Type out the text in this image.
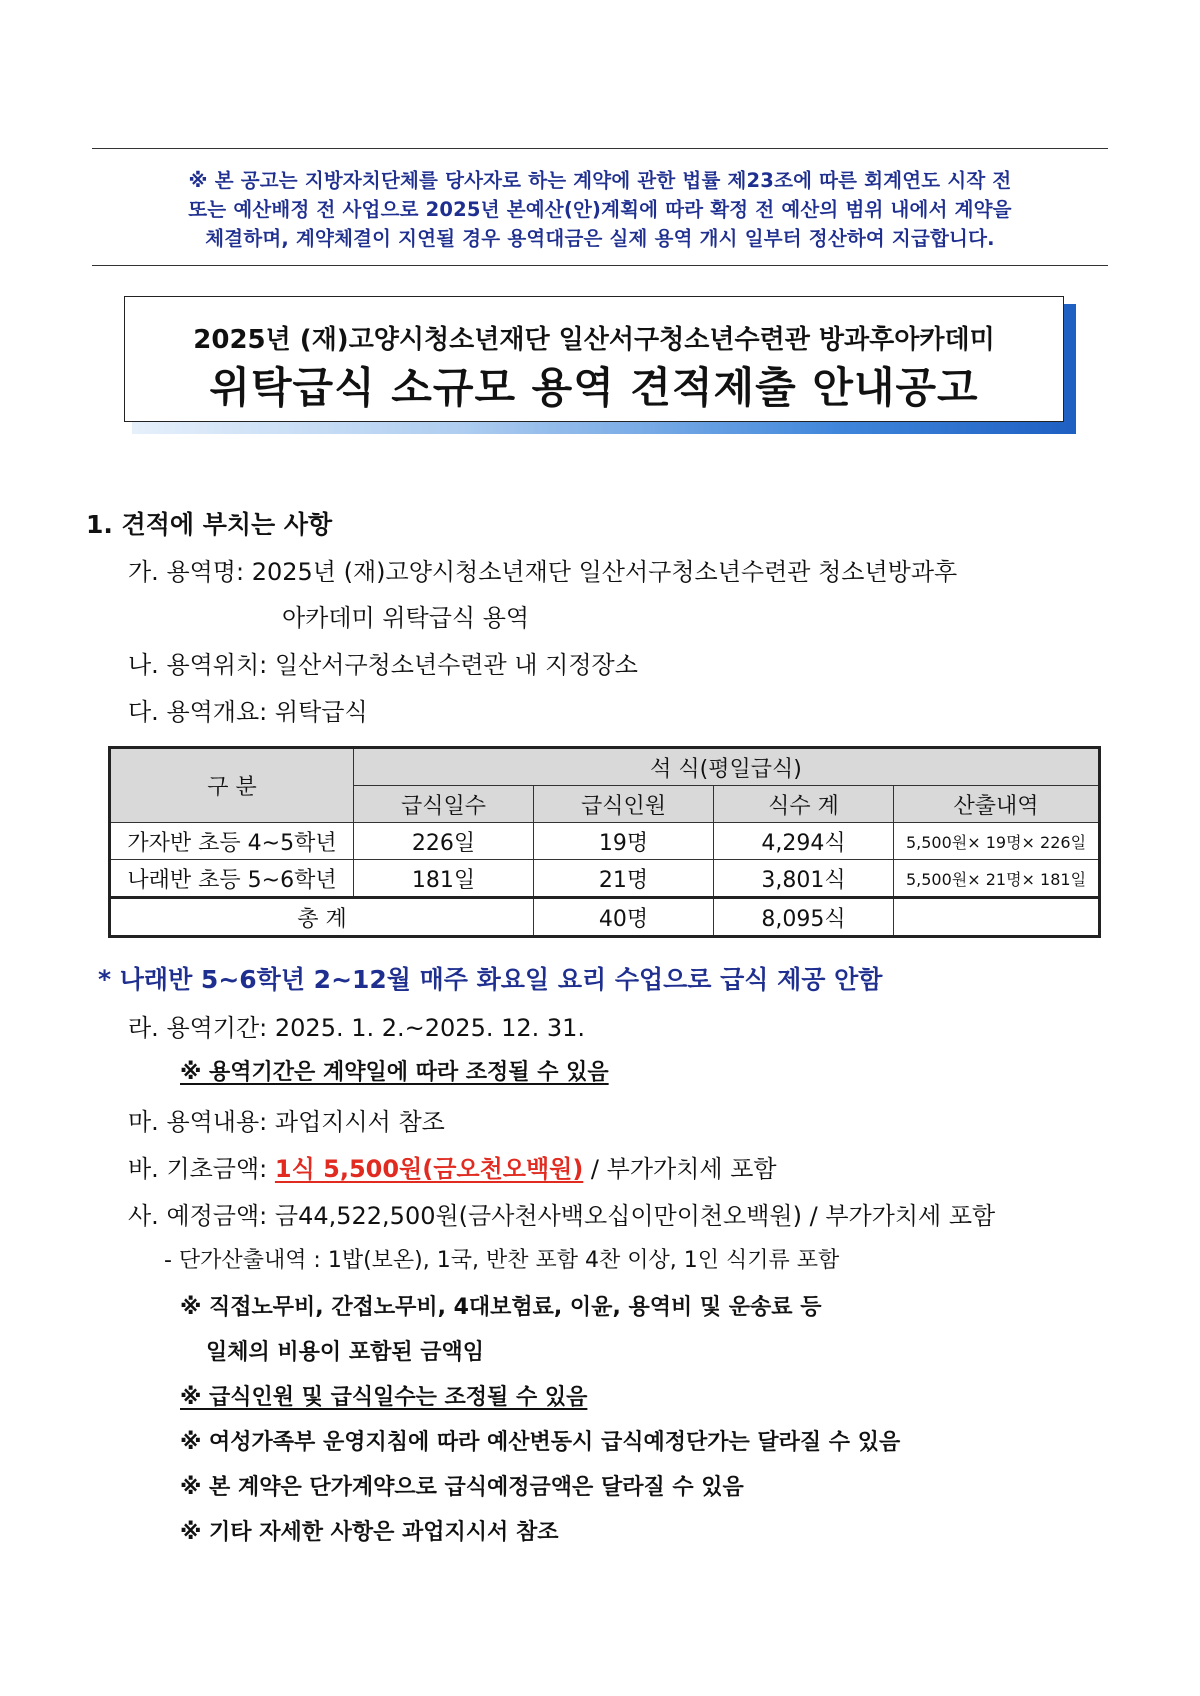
※ 본 공고는 지방자치단체를 당사자로 하는 계약에 관한 법률 제23조에 따른 회계연도 시작 전
또는 예산배정 전 사업으로 2025년 본예산(안)계획에 따라 확정 전 예산의 범위 내에서 계약을
체결하며, 계약체결이 지연될 경우 용역대금은 실제 용역 개시 일부터 정산하여 지급합니다.
2025년 (재)고양시청소년재단 일산서구청소년수련관 방과후아카데미
위탁급식 소규모 용역 견적제출 안내공고
1. 견적에 부치는 사항
가. 용역명: 2025년 (재)고양시청소년재단 일산서구청소년수련관 청소년방과후
아카데미 위탁급식 용역
나. 용역위치: 일산서구청소년수련관 내 지정장소
다. 용역개요: 위탁급식
구 분	석 식(평일급식)			
	급식일수	급식인원	식수 계	산출내역
가자반 초등 4~5학년	226일	19명	4,294식	5,500원× 19명× 226일
나래반 초등 5~6학년	181일	21명	3,801식	5,500원× 21명× 181일
총 계		40명	8,095식	
* 나래반 5~6학년 2~12월 매주 화요일 요리 수업으로 급식 제공 안함
라. 용역기간: 2025. 1. 2.~2025. 12. 31.
※ 용역기간은 계약일에 따라 조정될 수 있음
마. 용역내용: 과업지시서 참조
바. 기초금액: 1식 5,500원(금오천오백원) / 부가가치세 포함
사. 예정금액: 금44,522,500원(금사천사백오십이만이천오백원) / 부가가치세 포함
- 단가산출내역 : 1밥(보온), 1국, 반찬 포함 4찬 이상, 1인 식기류 포함
※ 직접노무비, 간접노무비, 4대보험료, 이윤, 용역비 및 운송료 등
일체의 비용이 포함된 금액임
※ 급식인원 및 급식일수는 조정될 수 있음
※ 여성가족부 운영지침에 따라 예산변동시 급식예정단가는 달라질 수 있음
※ 본 계약은 단가계약으로 급식예정금액은 달라질 수 있음
※ 기타 자세한 사항은 과업지시서 참조
